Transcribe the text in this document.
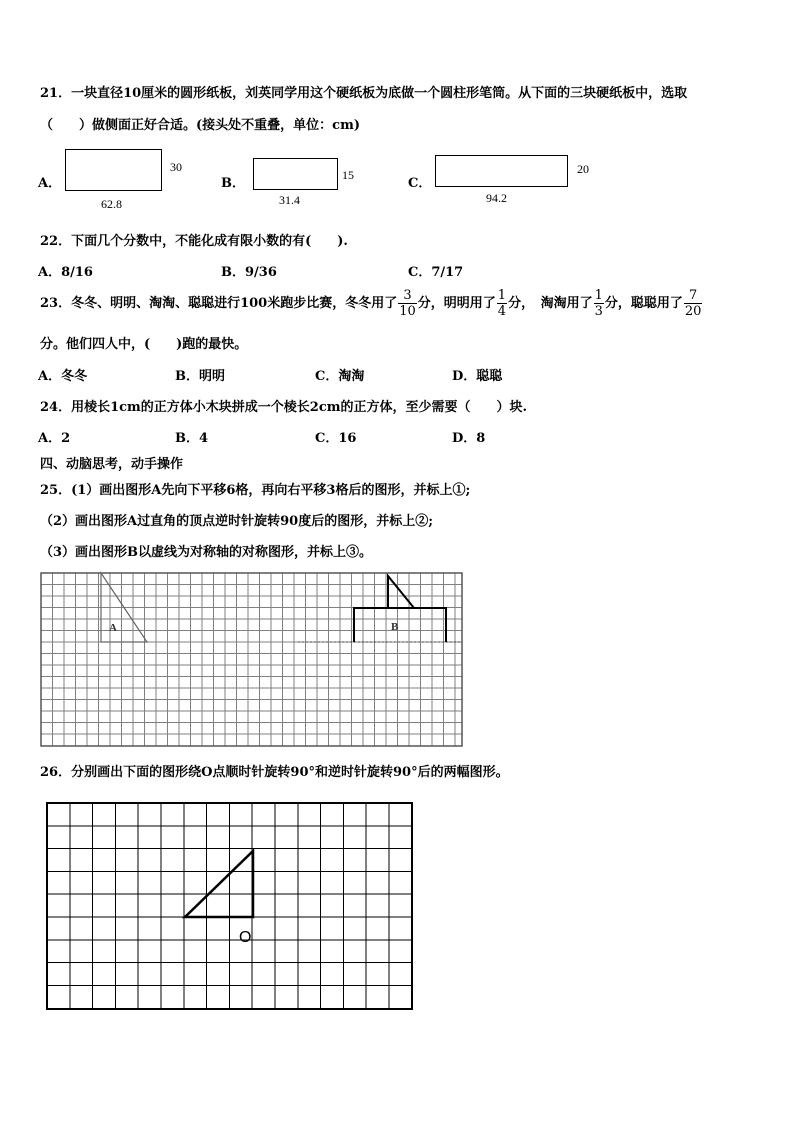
21．一块直径10厘米的圆形纸板，刘英同学用这个硬纸板为底做一个圆柱形笔筒。从下面的三块硬纸板中，选取
（　　）做侧面正好合适。(接头处不重叠，单位：cm)
A．
30
62.8
B．
15
31.4
C．
20
94.2
22．下面几个分数中，不能化成有限小数的有(　　).
A．8/16	B．9/36	C．7/17
23．冬冬、明明、淘淘、聪聪进行100米跑步比赛，冬冬用了 $\frac{3}{10}$ 分，明明用了 $\frac{1}{4}$ 分，　淘淘用了 $\frac{1}{3}$ 分，聪聪用了 $\frac{7}{20}$
分。他们四人中，(　　)跑的最快。
A．冬冬	B．明明	C．淘淘	D．聪聪
24．用棱长1cm的正方体小木块拼成一个棱长2cm的正方体，至少需要（　　）块.
A．2	B．4	C．16	D．8
四、动脑思考，动手操作
25．(1）画出图形A先向下平移6格，再向右平移3格后的图形，并标上①;
（2）画出图形A过直角的顶点逆时针旋转90度后的图形，并标上②;
（3）画出图形B以虚线为对称轴的对称图形，并标上③。
A	B
26．分别画出下面的图形绕O点顺时针旋转90°和逆时针旋转90°后的两幅图形。
O
